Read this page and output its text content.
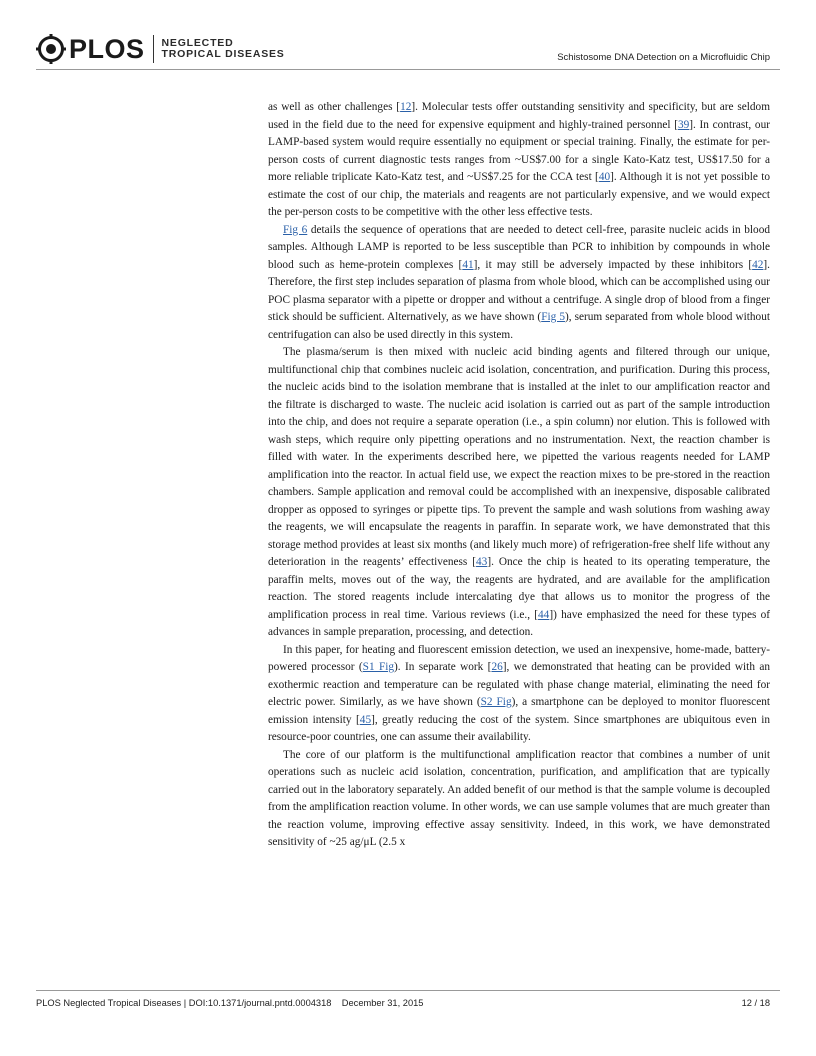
PLOS NEGLECTED
TROPICAL DISEASES	Schistosome DNA Detection on a Microfluidic Chip

as well as other challenges [12]. Molecular tests offer outstanding sensitivity and specificity, but are seldom used in the field due to the need for expensive equipment and highly-trained personnel [39]. In contrast, our LAMP-based system would require essentially no equipment or special training. Finally, the estimate for per-person costs of current diagnostic tests ranges from ~US$7.00 for a single Kato-Katz test, US$17.50 for a more reliable triplicate Kato-Katz test, and ~US$7.25 for the CCA test [40]. Although it is not yet possible to estimate the cost of our chip, the materials and reagents are not particularly expensive, and we would expect the per-person costs to be competitive with the other less effective tests.

Fig 6 details the sequence of operations that are needed to detect cell-free, parasite nucleic acids in blood samples. Although LAMP is reported to be less susceptible than PCR to inhibition by compounds in whole blood such as heme-protein complexes [41], it may still be adversely impacted by these inhibitors [42]. Therefore, the first step includes separation of plasma from whole blood, which can be accomplished using our POC plasma separator with a pipette or dropper and without a centrifuge. A single drop of blood from a finger stick should be sufficient. Alternatively, as we have shown (Fig 5), serum separated from whole blood without centrifugation can also be used directly in this system.

The plasma/serum is then mixed with nucleic acid binding agents and filtered through our unique, multifunctional chip that combines nucleic acid isolation, concentration, and purification. During this process, the nucleic acids bind to the isolation membrane that is installed at the inlet to our amplification reactor and the filtrate is discharged to waste. The nucleic acid isolation is carried out as part of the sample introduction into the chip, and does not require a separate operation (i.e., a spin column) nor elution. This is followed with wash steps, which require only pipetting operations and no instrumentation. Next, the reaction chamber is filled with water. In the experiments described here, we pipetted the various reagents needed for LAMP amplification into the reactor. In actual field use, we expect the reaction mixes to be pre-stored in the reaction chambers. Sample application and removal could be accomplished with an inexpensive, disposable calibrated dropper as opposed to syringes or pipette tips. To prevent the sample and wash solutions from washing away the reagents, we will encapsulate the reagents in paraffin. In separate work, we have demonstrated that this storage method provides at least six months (and likely much more) of refrigeration-free shelf life without any deterioration in the reagents’ effectiveness [43]. Once the chip is heated to its operating temperature, the paraffin melts, moves out of the way, the reagents are hydrated, and are available for the amplification reaction. The stored reagents include intercalating dye that allows us to monitor the progress of the amplification process in real time. Various reviews (i.e., [44]) have emphasized the need for these types of advances in sample preparation, processing, and detection.

In this paper, for heating and fluorescent emission detection, we used an inexpensive, home-made, battery-powered processor (S1 Fig). In separate work [26], we demonstrated that heating can be provided with an exothermic reaction and temperature can be regulated with phase change material, eliminating the need for electric power. Similarly, as we have shown (S2 Fig), a smartphone can be deployed to monitor fluorescent emission intensity [45], greatly reducing the cost of the system. Since smartphones are ubiquitous even in resource-poor countries, one can assume their availability.

The core of our platform is the multifunctional amplification reactor that combines a number of unit operations such as nucleic acid isolation, concentration, purification, and amplification that are typically carried out in the laboratory separately. An added benefit of our method is that the sample volume is decoupled from the amplification reaction volume. In other words, we can use sample volumes that are much greater than the reaction volume, improving effective assay sensitivity. Indeed, in this work, we have demonstrated sensitivity of ~25 ag/μL (2.5 x

PLOS Neglected Tropical Diseases | DOI:10.1371/journal.pntd.0004318 December 31, 2015	12 / 18
